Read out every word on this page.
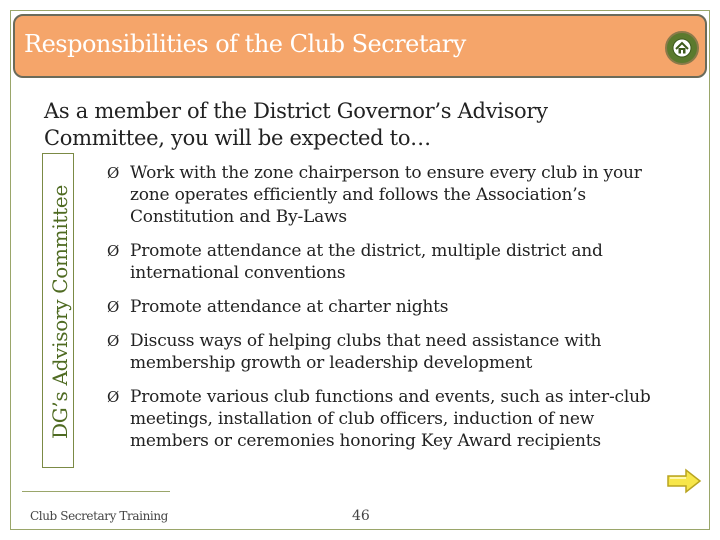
Responsibilities of the Club Secretary
As a member of the District Governor’s Advisory Committee, you will be expected to…
DG’s Advisory Committee
Ø Work with the zone chairperson to ensure every club in your zone operates efficiently and follows the Association’s Constitution and By-Laws
Ø Promote attendance at the district, multiple district and international conventions
Ø Promote attendance at charter nights
Ø Discuss ways of helping clubs that need assistance with membership growth or leadership development
Ø Promote various club functions and events, such as inter-club meetings, installation of club officers, induction of new members or ceremonies honoring Key Award recipients
Club Secretary Training	46
